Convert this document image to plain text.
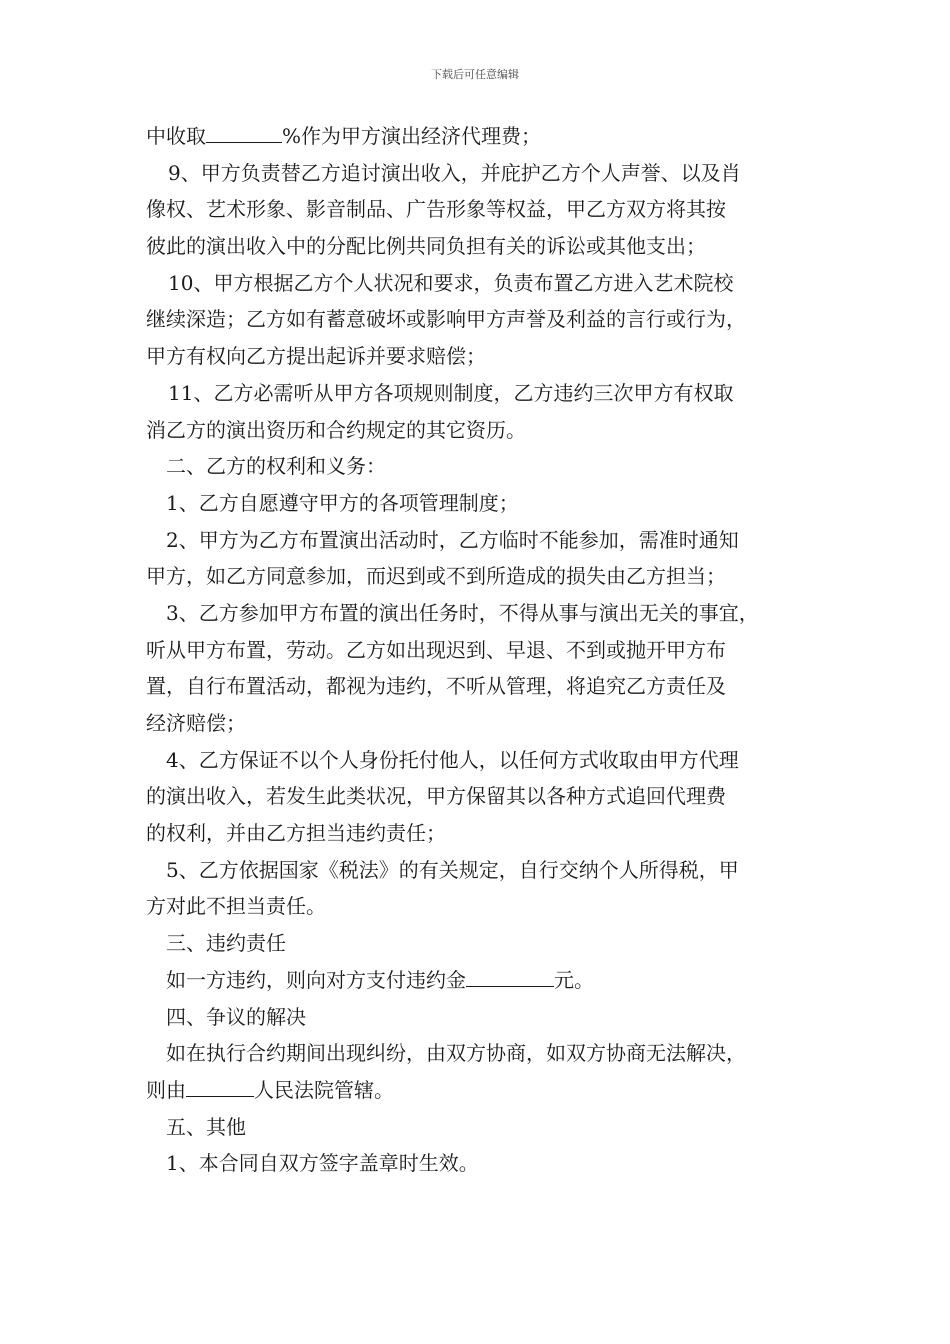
下载后可任意编辑
中收取	%作为甲方演出经济代理费；
9、甲方负责替乙方追讨演出收入，并庇护乙方个人声誉、以及肖
像权、艺术形象、影音制品、广告形象等权益，甲乙方双方将其按
彼此的演出收入中的分配比例共同负担有关的诉讼或其他支出；
10、甲方根据乙方个人状况和要求，负责布置乙方进入艺术院校
继续深造；乙方如有蓄意破坏或影响甲方声誉及利益的言行或行为，
甲方有权向乙方提出起诉并要求赔偿；
11、乙方必需听从甲方各项规则制度，乙方违约三次甲方有权取
消乙方的演出资历和合约规定的其它资历。
二、乙方的权利和义务：
1、乙方自愿遵守甲方的各项管理制度；
2、甲方为乙方布置演出活动时，乙方临时不能参加，需准时通知
甲方，如乙方同意参加，而迟到或不到所造成的损失由乙方担当；
3、乙方参加甲方布置的演出任务时，不得从事与演出无关的事宜，
听从甲方布置，劳动。乙方如出现迟到、早退、不到或抛开甲方布
置，自行布置活动，都视为违约，不听从管理，将追究乙方责任及
经济赔偿；
4、乙方保证不以个人身份托付他人，以任何方式收取由甲方代理
的演出收入，若发生此类状况，甲方保留其以各种方式追回代理费
的权利，并由乙方担当违约责任；
5、乙方依据国家《税法》的有关规定，自行交纳个人所得税，甲
方对此不担当责任。
三、违约责任
如一方违约，则向对方支付违约金	元。
四、争议的解决
如在执行合约期间出现纠纷，由双方协商，如双方协商无法解决，
则由	人民法院管辖。
五、其他
1、本合同自双方签字盖章时生效。
